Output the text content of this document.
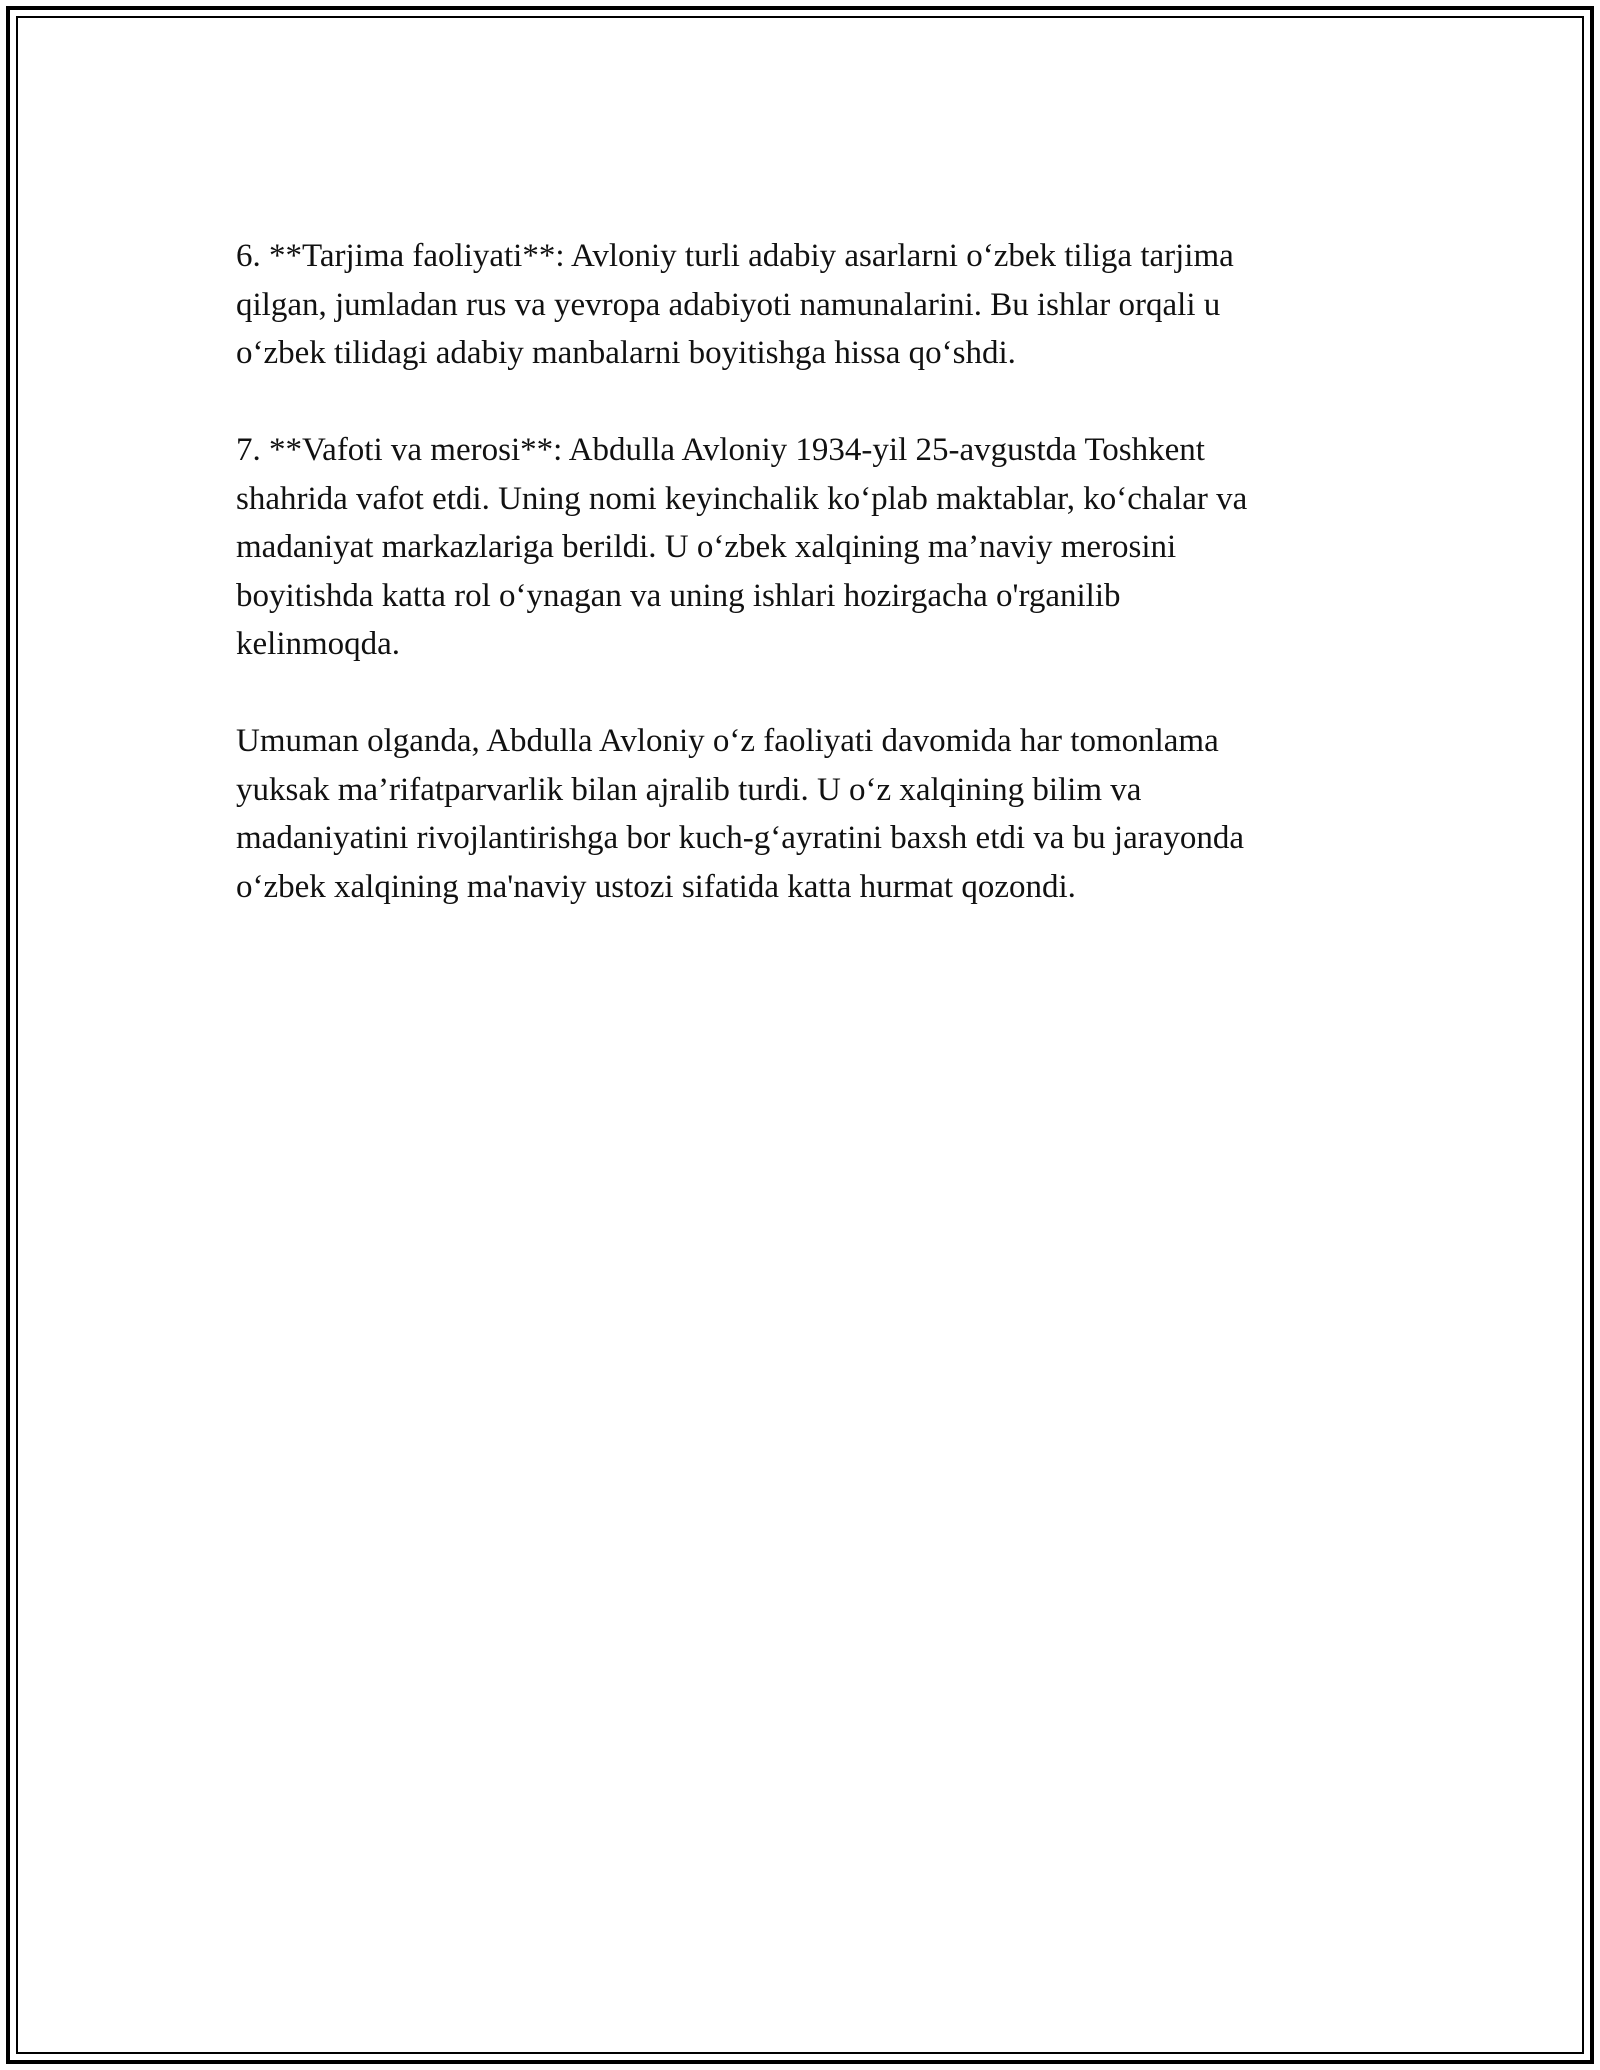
6. **Tarjima faoliyati**: Avloniy turli adabiy asarlarni o‘zbek tiliga tarjima
qilgan, jumladan rus va yevropa adabiyoti namunalarini. Bu ishlar orqali u
o‘zbek tilidagi adabiy manbalarni boyitishga hissa qo‘shdi.

7. **Vafoti va merosi**: Abdulla Avloniy 1934-yil 25-avgustda Toshkent
shahrida vafot etdi. Uning nomi keyinchalik ko‘plab maktablar, ko‘chalar va
madaniyat markazlariga berildi. U o‘zbek xalqining ma’naviy merosini
boyitishda katta rol o‘ynagan va uning ishlari hozirgacha o'rganilib
kelinmoqda.

Umuman olganda, Abdulla Avloniy o‘z faoliyati davomida har tomonlama
yuksak ma’rifatparvarlik bilan ajralib turdi. U o‘z xalqining bilim va
madaniyatini rivojlantirishga bor kuch-g‘ayratini baxsh etdi va bu jarayonda
o‘zbek xalqining ma'naviy ustozi sifatida katta hurmat qozondi.
